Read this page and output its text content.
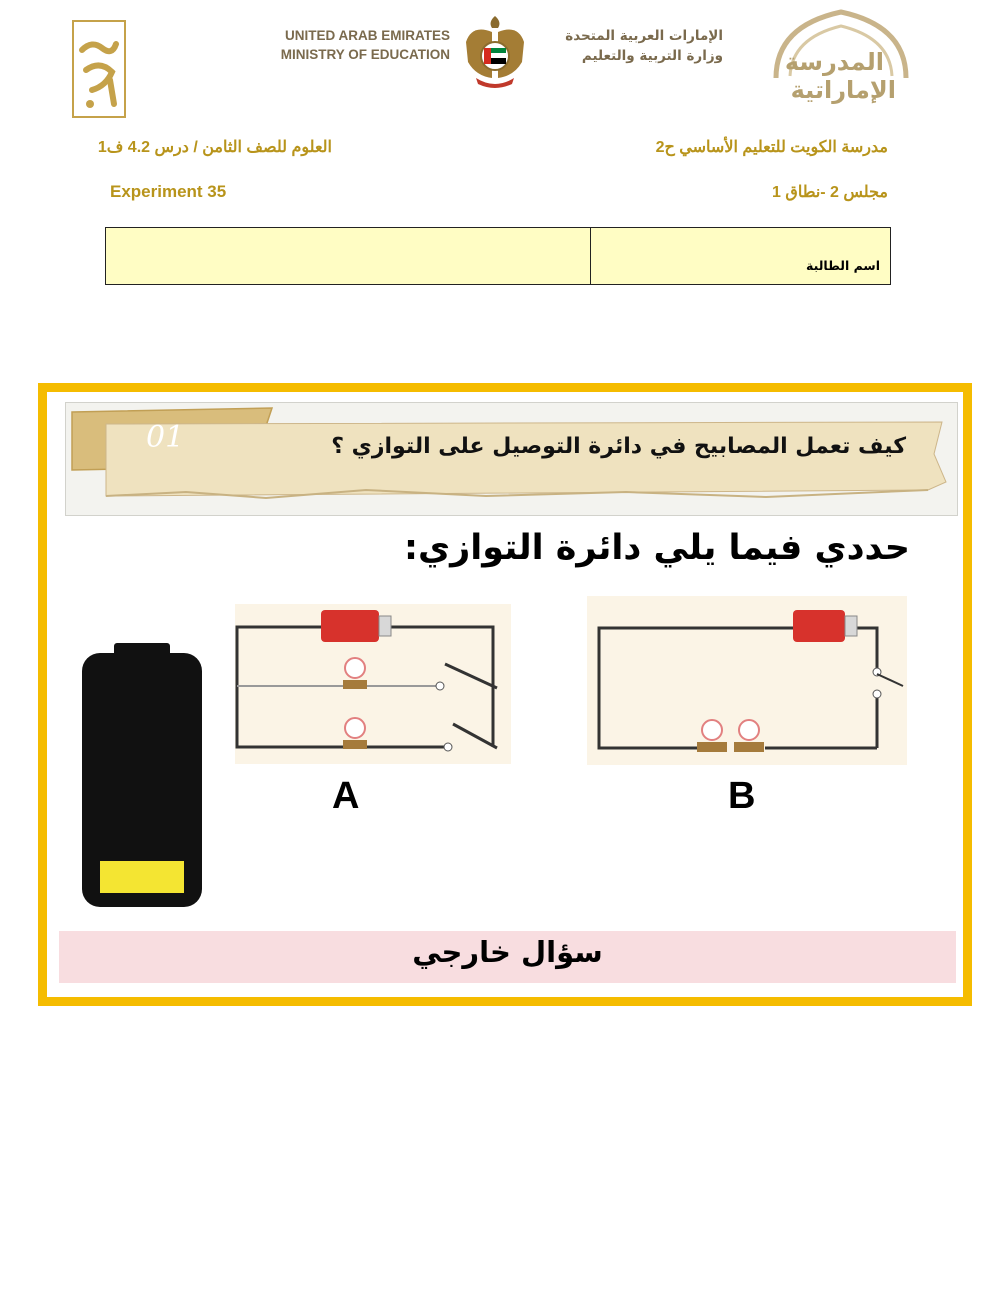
UNITED ARAB EMIRATES
MINISTRY OF EDUCATION
الإمارات العربية المتحدة
وزارة التربية والتعليم	المدرسة
الإماراتية
العلوم للصف الثامن / درس 4.2 ف1	مدرسة الكويت للتعليم الأساسي ح2
Experiment 35	مجلس 2 -نطاق 1
اسم الطالبة
01	كيف تعمل المصابيح في دائرة التوصيل على التوازي ؟
حددي فيما يلي دائرة التوازي:
A	B
سؤال خارجي
